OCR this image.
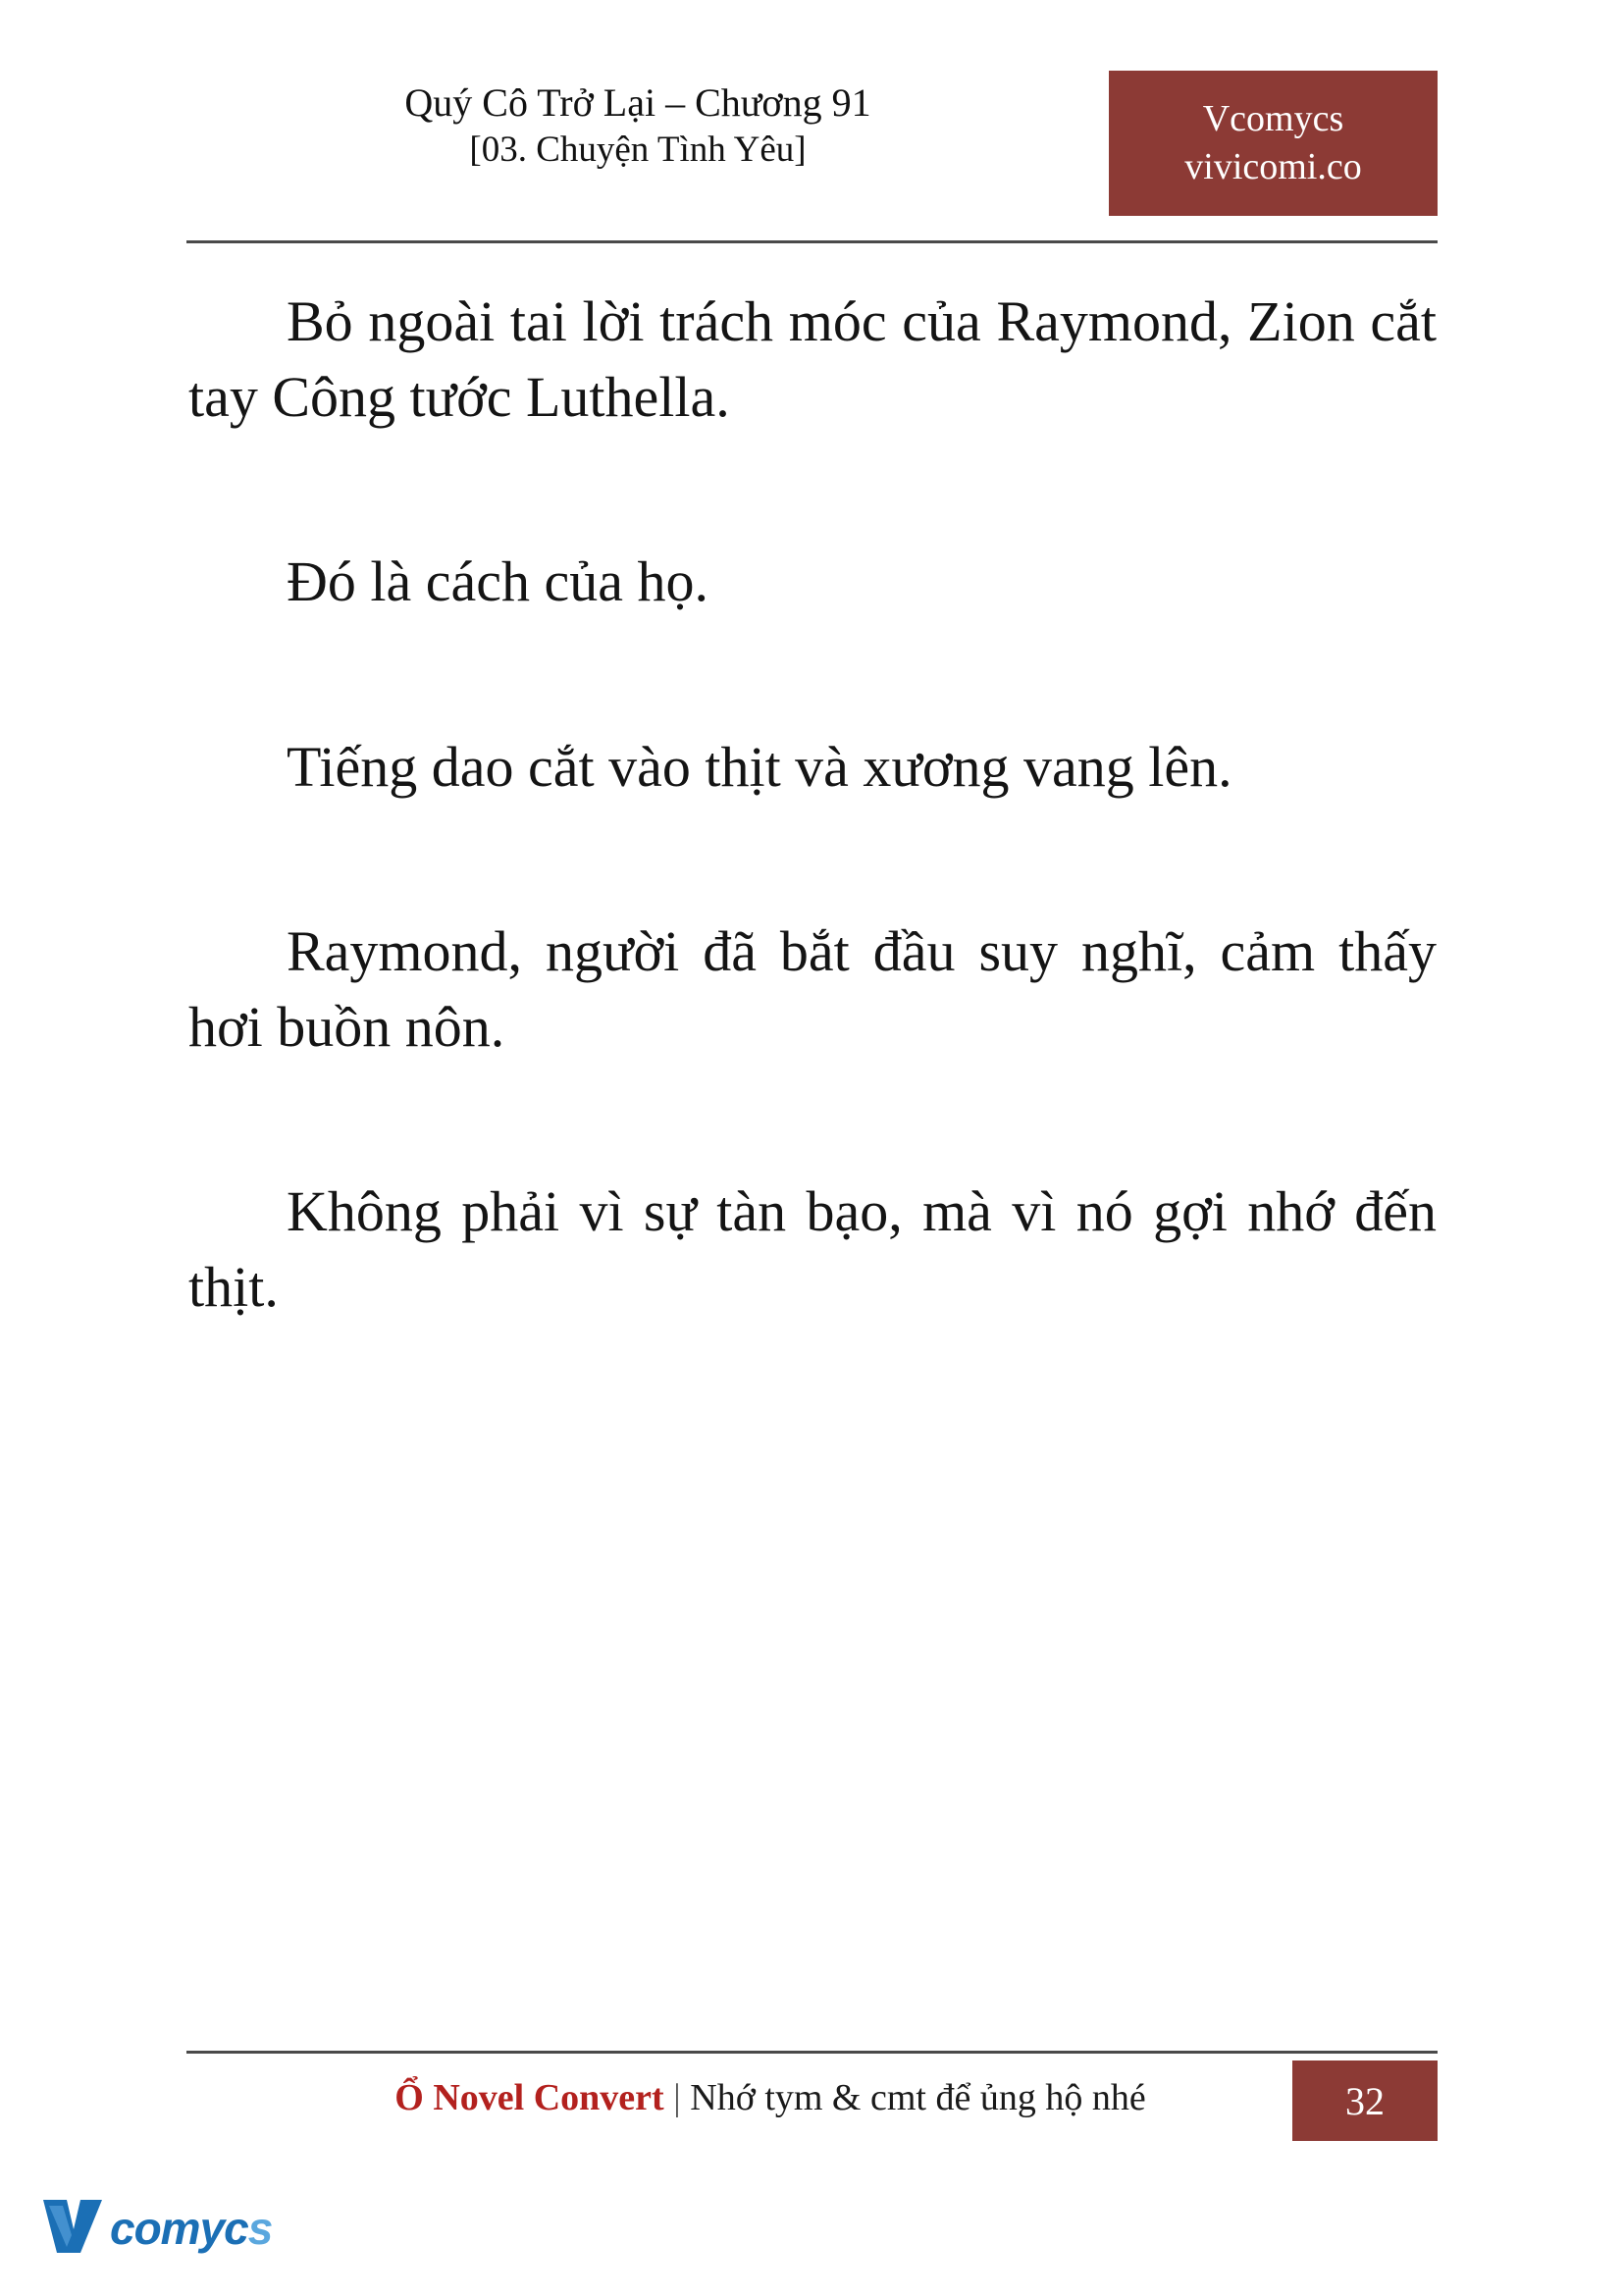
Quý Cô Trở Lại – Chương 91
[03. Chuyện Tình Yêu]
Vcomycs
vivicomi.co

Bỏ ngoài tai lời trách móc của Raymond, Zion cắt tay Công tước Luthella.

Đó là cách của họ.

Tiếng dao cắt vào thịt và xương vang lên.

Raymond, người đã bắt đầu suy nghĩ, cảm thấy hơi buồn nôn.

Không phải vì sự tàn bạo, mà vì nó gợi nhớ đến thịt.

Ổ Novel Convert | Nhớ tym & cmt để ủng hộ nhé	32
comycs
